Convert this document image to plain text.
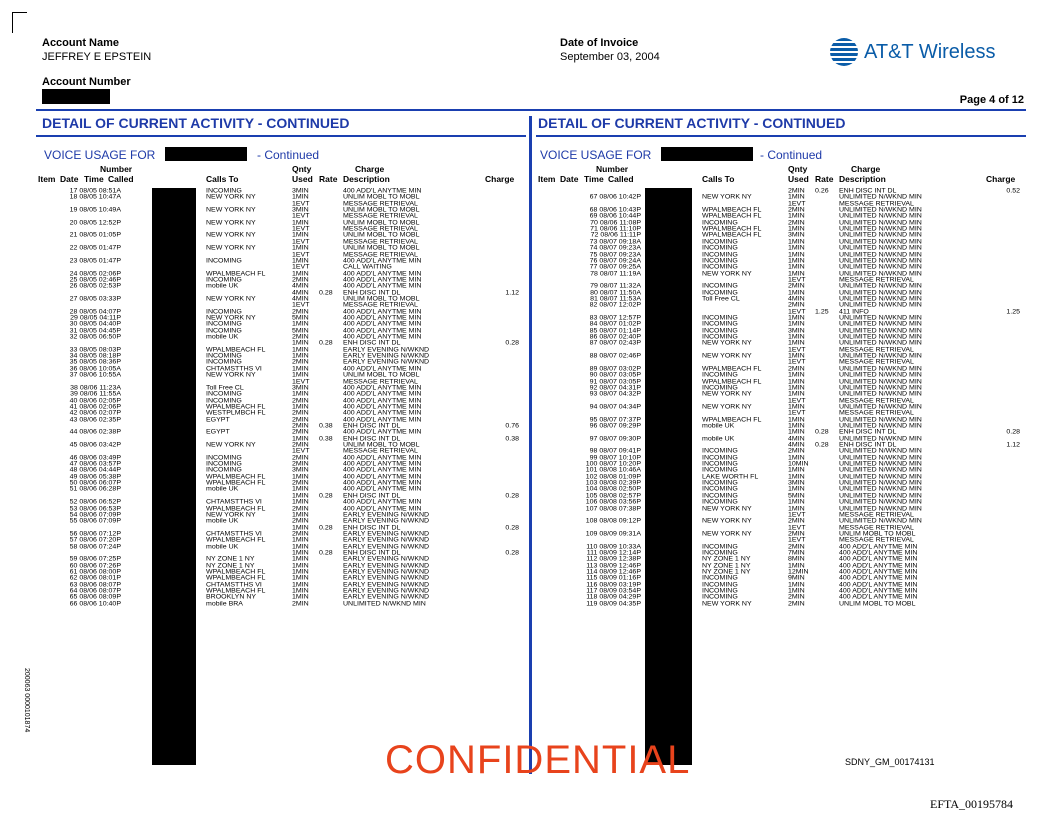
Account Name
JEFFREY E EPSTEIN
Account Number
Date of Invoice
September 03, 2004	AT&T Wireless
Page 4 of 12
DETAIL OF CURRENT ACTIVITY - CONTINUED	DETAIL OF CURRENT ACTIVITY - CONTINUED
VOICE USAGE FOR	- Continued	VOICE USAGE FOR	- Continued
Number	Qnty	Charge
Item Date Time Called	Calls To	Used Rate Description	Charge
Number	Qnty	Charge
Item Date Time Called	Calls To	Used Rate Description	Charge
17 08/05 08:51A	INCOMING	3MIN	400 ADD'L ANYTME MIN
18 08/05 10:47A	NEW YORK NY	1MIN	UNLIM MOBL TO MOBL
1EVT	MESSAGE RETRIEVAL
19 08/05 10:49A	NEW YORK NY	3MIN	UNLIM MOBL TO MOBL
1EVT	MESSAGE RETRIEVAL
20 08/05 12:52P	NEW YORK NY	1MIN	UNLIM MOBL TO MOBL
1EVT	MESSAGE RETRIEVAL
21 08/05 01:05P	NEW YORK NY	1MIN	UNLIM MOBL TO MOBL
1EVT	MESSAGE RETRIEVAL
22 08/05 01:47P	NEW YORK NY	1MIN	UNLIM MOBL TO MOBL
1EVT	MESSAGE RETRIEVAL
23 08/05 01:47P	INCOMING	1MIN	400 ADD'L ANYTME MIN
1EVT	CALL WAITING
24 08/05 02:06P	WPALMBEACH FL	1MIN	400 ADD'L ANYTME MIN
25 08/05 02:46P	INCOMING	2MIN	400 ADD'L ANYTME MIN
26 08/05 02:53P	mobile UK	4MIN	400 ADD'L ANYTME MIN
4MIN 0.28 ENH DISC INT DL	1.12
27 08/05 03:33P	NEW YORK NY	4MIN	UNLIM MOBL TO MOBL
1EVT	MESSAGE RETRIEVAL
28 08/05 04:07P	INCOMING	2MIN	400 ADD'L ANYTME MIN
29 08/05 04:11P	NEW YORK NY	5MIN	400 ADD'L ANYTME MIN
30 08/05 04:40P	INCOMING	1MIN	400 ADD'L ANYTME MIN
31 08/05 04:45P	INCOMING	5MIN	400 ADD'L ANYTME MIN
32 08/05 06:50P	mobile UK	2MIN	400 ADD'L ANYTME MIN
1MIN 0.28 ENH DISC INT DL	0.28
33 08/05 08:03P	WPALMBEACH FL	1MIN	EARLY EVENING N/WKND
34 08/05 08:18P	INCOMING	1MIN	EARLY EVENING N/WKND
35 08/05 08:36P	INCOMING	2MIN	EARLY EVENING N/WKND
36 08/06 10:05A	CHTAMSTTHS VI	1MIN	400 ADD'L ANYTME MIN
37 08/06 10:55A	NEW YORK NY	1MIN	UNLIM MOBL TO MOBL
1EVT	MESSAGE RETRIEVAL
38 08/06 11:23A	Toll Free CL	3MIN	400 ADD'L ANYTME MIN
39 08/06 11:55A	INCOMING	1MIN	400 ADD'L ANYTME MIN
40 08/06 02:05P	INCOMING	2MIN	400 ADD'L ANYTME MIN
41 08/06 02:06P	WPALMBEACH FL	1MIN	400 ADD'L ANYTME MIN
42 08/06 02:07P	WESTPLMBCH FL	2MIN	400 ADD'L ANYTME MIN
43 08/06 02:35P	EGYPT	2MIN	400 ADD'L ANYTME MIN
2MIN 0.38 ENH DISC INT DL	0.76
44 08/06 02:38P	EGYPT	2MIN	400 ADD'L ANYTME MIN
1MIN 0.38 ENH DISC INT DL	0.38
45 08/06 03:42P	NEW YORK NY	2MIN	UNLIM MOBL TO MOBL
1EVT	MESSAGE RETRIEVAL
46 08/06 03:49P	INCOMING	2MIN	400 ADD'L ANYTME MIN
47 08/06 03:57P	INCOMING	2MIN	400 ADD'L ANYTME MIN
48 08/06 04:44P	INCOMING	3MIN	400 ADD'L ANYTME MIN
49 08/06 05:38P	WPALMBEACH FL	1MIN	400 ADD'L ANYTME MIN
50 08/06 06:07P	WPALMBEACH FL	2MIN	400 ADD'L ANYTME MIN
51 08/06 06:28P	mobile UK	1MIN	400 ADD'L ANYTME MIN
1MIN 0.28 ENH DISC INT DL	0.28
52 08/06 06:52P	CHTAMSTTHS VI	1MIN	400 ADD'L ANYTME MIN
53 08/06 06:53P	WPALMBEACH FL	2MIN	400 ADD'L ANYTME MIN
54 08/06 07:09P	NEW YORK NY	1MIN	EARLY EVENING N/WKND
55 08/06 07:09P	mobile UK	2MIN	EARLY EVENING N/WKND
1MIN 0.28 ENH DISC INT DL	0.28
56 08/06 07:12P	CHTAMSTTHS VI	2MIN	EARLY EVENING N/WKND
57 08/06 07:20P	WPALMBEACH FL	1MIN	EARLY EVENING N/WKND
58 08/06 07:24P	mobile UK	1MIN	EARLY EVENING N/WKND
1MIN 0.28 ENH DISC INT DL	0.28
59 08/06 07:25P	NY ZONE 1 NY	1MIN	EARLY EVENING N/WKND
60 08/06 07:26P	NY ZONE 1 NY	1MIN	EARLY EVENING N/WKND
61 08/06 08:00P	WPALMBEACH FL	1MIN	EARLY EVENING N/WKND
62 08/06 08:01P	WPALMBEACH FL	1MIN	EARLY EVENING N/WKND
63 08/06 08:07P	CHTAMSTTHS VI	1MIN	EARLY EVENING N/WKND
64 08/06 08:07P	WPALMBEACH FL	1MIN	EARLY EVENING N/WKND
65 08/06 08:09P	BROOKLYN NY	1MIN	EARLY EVENING N/WKND
66 08/06 10:40P	mobile BRA	2MIN	UNLIMITED N/WKND MIN
2MIN 0.26 ENH DISC INT DL	0.52
67 08/06 10:42P	NEW YORK NY	1MIN	UNLIMITED N/WKND MIN
1EVT	MESSAGE RETRIEVAL
68 08/06 10:43P	WPALMBEACH FL	2MIN	UNLIMITED N/WKND MIN
69 08/06 10:44P	WPALMBEACH FL	1MIN	UNLIMITED N/WKND MIN
70 08/06 11:08P	INCOMING	2MIN	UNLIMITED N/WKND MIN
71 08/06 11:10P	WPALMBEACH FL	1MIN	UNLIMITED N/WKND MIN
72 08/06 11:11P	WPALMBEACH FL	3MIN	UNLIMITED N/WKND MIN
73 08/07 09:18A	INCOMING	1MIN	UNLIMITED N/WKND MIN
74 08/07 09:23A	INCOMING	1MIN	UNLIMITED N/WKND MIN
75 08/07 09:23A	INCOMING	1MIN	UNLIMITED N/WKND MIN
76 08/07 09:24A	INCOMING	1MIN	UNLIMITED N/WKND MIN
77 08/07 09:25A	INCOMING	1MIN	UNLIMITED N/WKND MIN
78 08/07 11:19A	NEW YORK NY	1MIN	UNLIMITED N/WKND MIN
1EVT	MESSAGE RETRIEVAL
79 08/07 11:32A	INCOMING	2MIN	UNLIMITED N/WKND MIN
80 08/07 11:50A	INCOMING	1MIN	UNLIMITED N/WKND MIN
81 08/07 11:53A	Toll Free CL	4MIN	UNLIMITED N/WKND MIN
82 08/07 12:02P	2MIN	UNLIMITED N/WKND MIN
1EVT 1.25 411 INFO	1.25
83 08/07 12:57P	INCOMING	1MIN	UNLIMITED N/WKND MIN
84 08/07 01:02P	INCOMING	1MIN	UNLIMITED N/WKND MIN
85 08/07 01:14P	INCOMING	3MIN	UNLIMITED N/WKND MIN
86 08/07 02:40P	INCOMING	1MIN	UNLIMITED N/WKND MIN
87 08/07 02:43P	NEW YORK NY	1MIN	UNLIMITED N/WKND MIN
1EVT	MESSAGE RETRIEVAL
88 08/07 02:46P	NEW YORK NY	1MIN	UNLIMITED N/WKND MIN
1EVT	MESSAGE RETRIEVAL
89 08/07 03:02P	WPALMBEACH FL	2MIN	UNLIMITED N/WKND MIN
90 08/07 03:05P	INCOMING	1MIN	UNLIMITED N/WKND MIN
91 08/07 03:05P	WPALMBEACH FL	1MIN	UNLIMITED N/WKND MIN
92 08/07 04:31P	INCOMING	1MIN	UNLIMITED N/WKND MIN
93 08/07 04:32P	NEW YORK NY	1MIN	UNLIMITED N/WKND MIN
1EVT	MESSAGE RETRIEVAL
94 08/07 04:34P	NEW YORK NY	1MIN	UNLIMITED N/WKND MIN
1EVT	MESSAGE RETRIEVAL
95 08/07 07:37P	WPALMBEACH FL	1MIN	UNLIMITED N/WKND MIN
96 08/07 09:29P	mobile UK	1MIN	UNLIMITED N/WKND MIN
1MIN 0.28 ENH DISC INT DL	0.28
97 08/07 09:30P	mobile UK	4MIN	UNLIMITED N/WKND MIN
4MIN 0.28 ENH DISC INT DL	1.12
98 08/07 09:41P	INCOMING	2MIN	UNLIMITED N/WKND MIN
99 08/07 10:10P	INCOMING	1MIN	UNLIMITED N/WKND MIN
100 08/07 10:20P	INCOMING	10MIN	UNLIMITED N/WKND MIN
101 08/08 10:46A	INCOMING	1MIN	UNLIMITED N/WKND MIN
102 08/08 01:09P	LAKE WORTH FL	1MIN	UNLIMITED N/WKND MIN
103 08/08 02:39P	INCOMING	3MIN	UNLIMITED N/WKND MIN
104 08/08 02:50P	INCOMING	1MIN	UNLIMITED N/WKND MIN
105 08/08 02:57P	INCOMING	5MIN	UNLIMITED N/WKND MIN
106 08/08 03:56P	INCOMING	1MIN	UNLIMITED N/WKND MIN
107 08/08 07:38P	NEW YORK NY	1MIN	UNLIMITED N/WKND MIN
1EVT	MESSAGE RETRIEVAL
108 08/08 09:12P	NEW YORK NY	2MIN	UNLIMITED N/WKND MIN
1EVT	MESSAGE RETRIEVAL
109 08/09 09:31A	NEW YORK NY	2MIN	UNLIM MOBL TO MOBL
1EVT	MESSAGE RETRIEVAL
110 08/09 10:33A	INCOMING	2MIN	400 ADD'L ANYTME MIN
111 08/09 12:14P	INCOMING	7MIN	400 ADD'L ANYTME MIN
112 08/09 12:38P	NY ZONE 1 NY	8MIN	400 ADD'L ANYTME MIN
113 08/09 12:46P	NY ZONE 1 NY	1MIN	400 ADD'L ANYTME MIN
114 08/09 12:46P	NY ZONE 1 NY	12MIN	400 ADD'L ANYTME MIN
115 08/09 01:16P	INCOMING	9MIN	400 ADD'L ANYTME MIN
116 08/09 03:19P	INCOMING	1MIN	400 ADD'L ANYTME MIN
117 08/09 03:54P	INCOMING	1MIN	400 ADD'L ANYTME MIN
118 08/09 04:29P	INCOMING	2MIN	400 ADD'L ANYTME MIN
119 08/09 04:35P	NEW YORK NY	2MIN	UNLIM MOBL TO MOBL
CONFIDENTIAL	SDNY_GM_00174131
EFTA_00195784
200063 0000101874
